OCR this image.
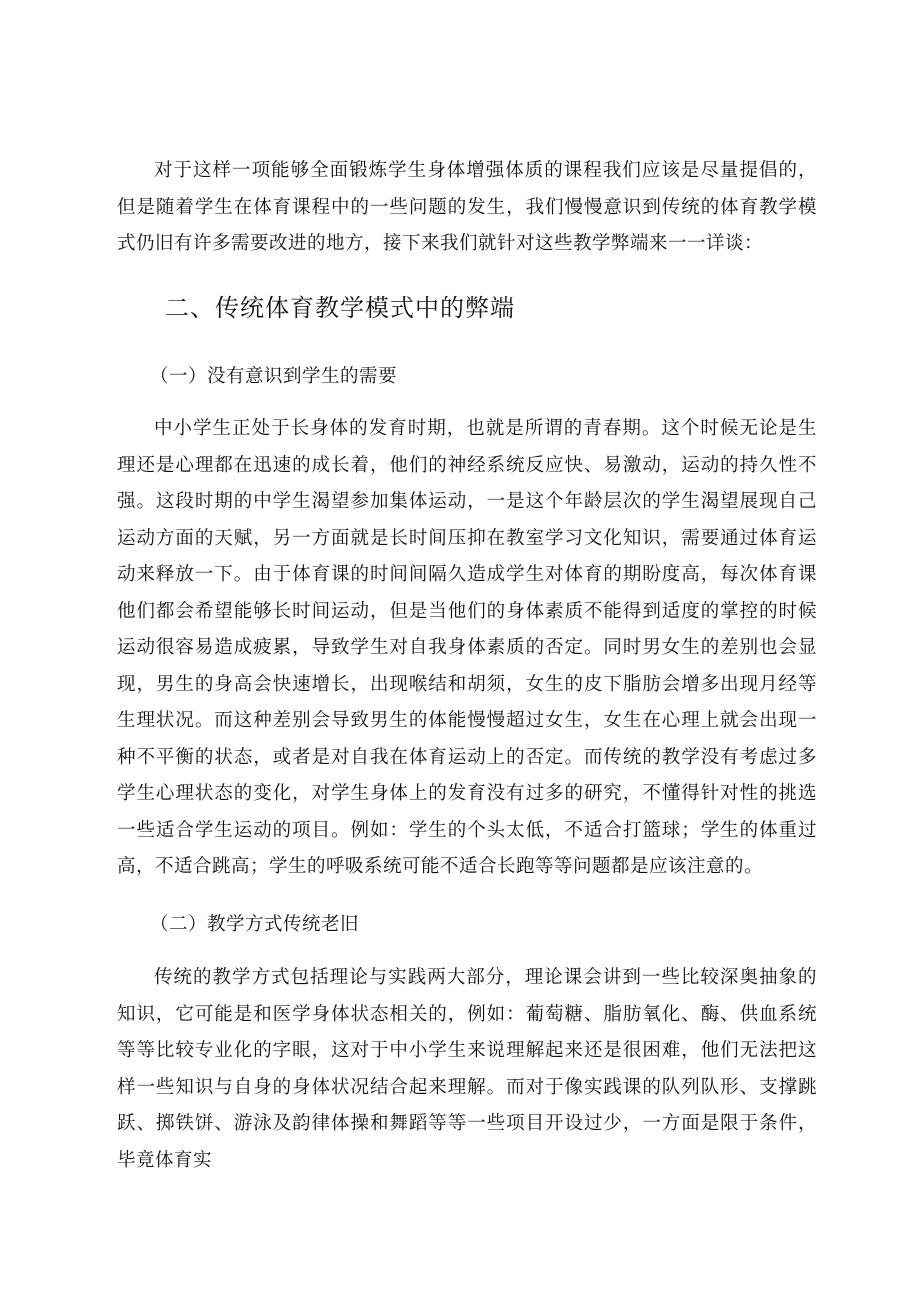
对于这样一项能够全面锻炼学生身体增强体质的课程我们应该是尽量提倡的，但是随着学生在体育课程中的一些问题的发生，我们慢慢意识到传统的体育教学模式仍旧有许多需要改进的地方，接下来我们就针对这些教学弊端来一一详谈：

二、传统体育教学模式中的弊端
（一）没有意识到学生的需要

中小学生正处于长身体的发育时期，也就是所谓的青春期。这个时候无论是生理还是心理都在迅速的成长着，他们的神经系统反应快、易激动，运动的持久性不强。这段时期的中学生渴望参加集体运动，一是这个年龄层次的学生渴望展现自己运动方面的天赋，另一方面就是长时间压抑在教室学习文化知识，需要通过体育运动来释放一下。由于体育课的时间间隔久造成学生对体育的期盼度高，每次体育课他们都会希望能够长时间运动，但是当他们的身体素质不能得到适度的掌控的时候运动很容易造成疲累，导致学生对自我身体素质的否定。同时男女生的差别也会显现，男生的身高会快速增长，出现喉结和胡须，女生的皮下脂肪会增多出现月经等生理状况。而这种差别会导致男生的体能慢慢超过女生，女生在心理上就会出现一种不平衡的状态，或者是对自我在体育运动上的否定。而传统的教学没有考虑过多学生心理状态的变化，对学生身体上的发育没有过多的研究，不懂得针对性的挑选一些适合学生运动的项目。例如：学生的个头太低，不适合打篮球；学生的体重过高，不适合跳高；学生的呼吸系统可能不适合长跑等等问题都是应该注意的。

（二）教学方式传统老旧

传统的教学方式包括理论与实践两大部分，理论课会讲到一些比较深奥抽象的知识，它可能是和医学身体状态相关的，例如：葡萄糖、脂肪氧化、酶、供血系统等等比较专业化的字眼，这对于中小学生来说理解起来还是很困难，他们无法把这样一些知识与自身的身体状况结合起来理解。而对于像实践课的队列队形、支撑跳跃、掷铁饼、游泳及韵律体操和舞蹈等等一些项目开设过少，一方面是限于条件，毕竟体育实
